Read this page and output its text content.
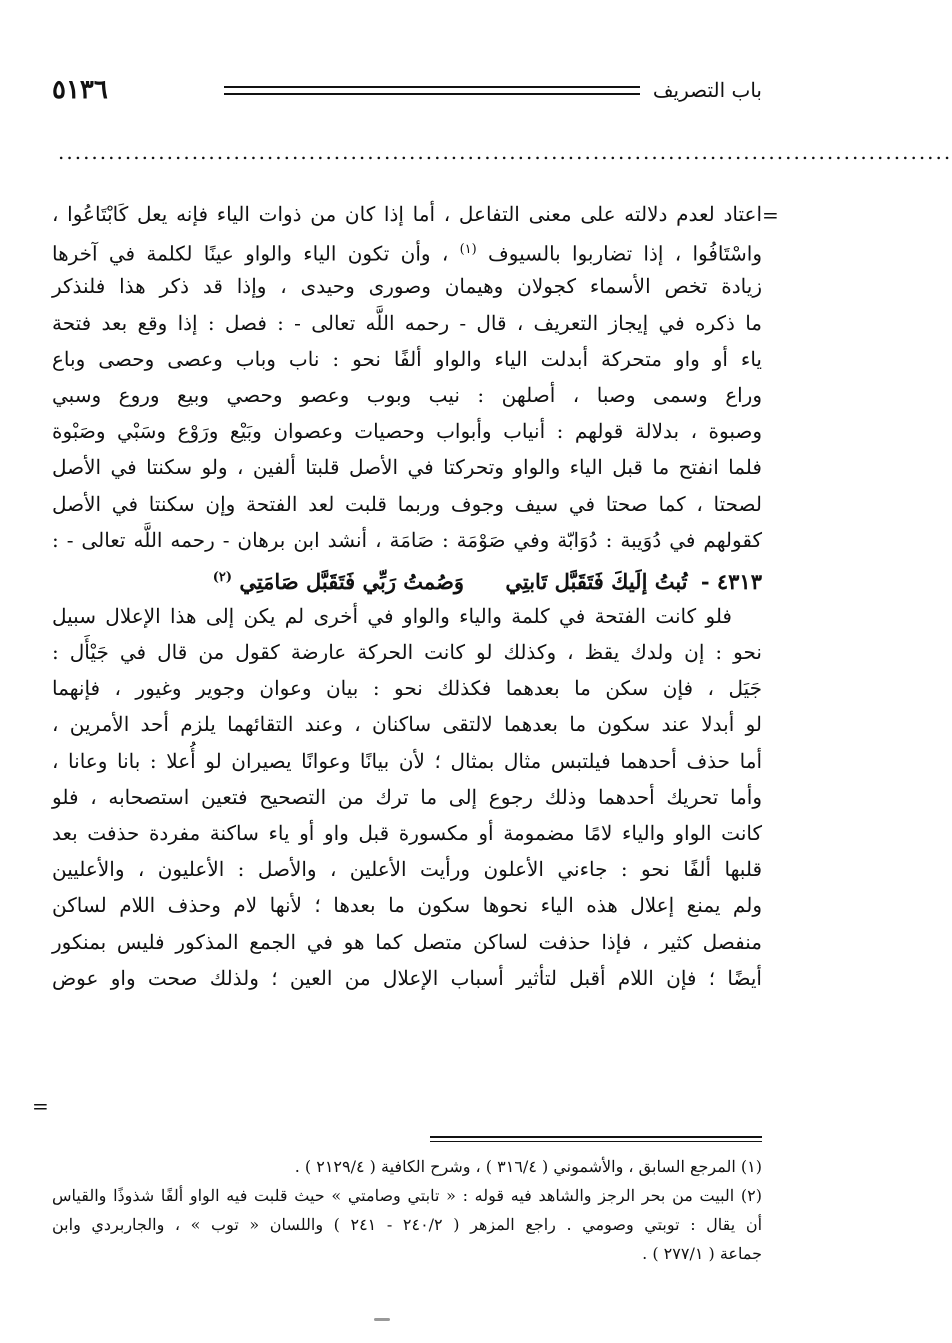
٥١٣٦	باب التصريف
...........................................................................................................
=
اعتاد لعدم دلالته على معنى التفاعل ، أما إذا كان من ذوات الياء فإنه يعل كَابْتَاعُوا ،
واسْتَافُوا ، إذا تضاربوا بالسيوف $^{(١)}$ ، وأن تكون الياء والواو عينًا لكلمة في آخرها
زيادة تخص الأسماء كجولان وهيمان وصورى وحيدى ، وإذا قد ذكر هذا فلنذكر
ما ذكره في إيجاز التعريف ، قال - رحمه اللَّه تعالى - : فصل : إذا وقع بعد فتحة
ياء أو واو متحركة أبدلت الياء والواو ألفًا نحو : ناب وباب وعصى وحصى وباع
وراع وسمى وصبا ، أصلهن : نيب وبوب وعصو وحصي وبيع وروع وسبي
وصبوة ، بدلالة قولهم : أنياب وأبواب وحصيات وعصوان وبَيْع ورَوْع وسَبْي وصَبْوة
فلما انفتح ما قبل الياء والواو وتحركتا في الأصل قلبتا ألفين ، ولو سكنتا في الأصل
لصحتا ، كما صحتا في سيف وجوف وربما قلبت لعد الفتحة وإن سكنتا في الأصل
كقولهم في دُوَيبة : دُوَابّة وفي صَوْمَة : صَامَة ، أنشد ابن برهان - رحمه اللَّه تعالى - :
٤٣١٣ - تُبتُ إلَيكَ فَتَقَبَّل تَابتِي وَصُمتُ رَبِّي فَتَقَبَّل صَامَتِي $^{(٢)}$
فلو كانت الفتحة في كلمة والياء والواو في أخرى لم يكن إلى هذا الإعلال سبيل
نحو : إن ولدك يقظ ، وكذلك لو كانت الحركة عارضة كقول من قال في جَيْأَل :
جَيَل ، فإن سكن ما بعدهما فكذلك نحو : بيان وعوان وجوير وغيور ، فإنهما
لو أبدلا عند سكون ما بعدهما لالتقى ساكنان ، وعند التقائهما يلزم أحد الأمرين ،
أما حذف أحدهما فيلتبس مثال بمثال ؛ لأن بيانًا وعوانًا يصيران لو أُعلا : بانا وعانا ،
وأما تحريك أحدهما وذلك رجوع إلى ما ترك من التصحيح فتعين استصحابه ، فلو
كانت الواو والياء لامًا مضمومة أو مكسورة قبل واو أو ياء ساكنة مفردة حذفت بعد
قلبها ألفًا نحو : جاءني الأعلون ورأيت الأعلين ، والأصل : الأعليون ، والأعليين
ولم يمنع إعلال هذه الياء نحوها سكون ما بعدها ؛ لأنها لام وحذف اللام لساكن
منفصل كثير ، فإذا حذفت لساكن متصل كما هو في الجمع المذكور فليس بمنكور
أيضًا ؛ فإن اللام أقبل لتأثير أسباب الإعلال من العين ؛ ولذلك صحت واو عوض
=
(١) المرجع السابق ، والأشموني ( ٣١٦/٤ ) ، وشرح الكافية ( ٢١٢٩/٤ ) .
(٢) البيت من بحر الرجز والشاهد فيه قوله : « تابتي وصامتي » حيث قلبت فيه الواو ألفًا شذوذًا والقياس
أن يقال : توبتي وصومي . راجع المزهر ( ٢٤٠/٢ - ٢٤١ ) واللسان « توب » ، والجاربردي وابن
جماعة ( ٢٧٧/١ ) .
